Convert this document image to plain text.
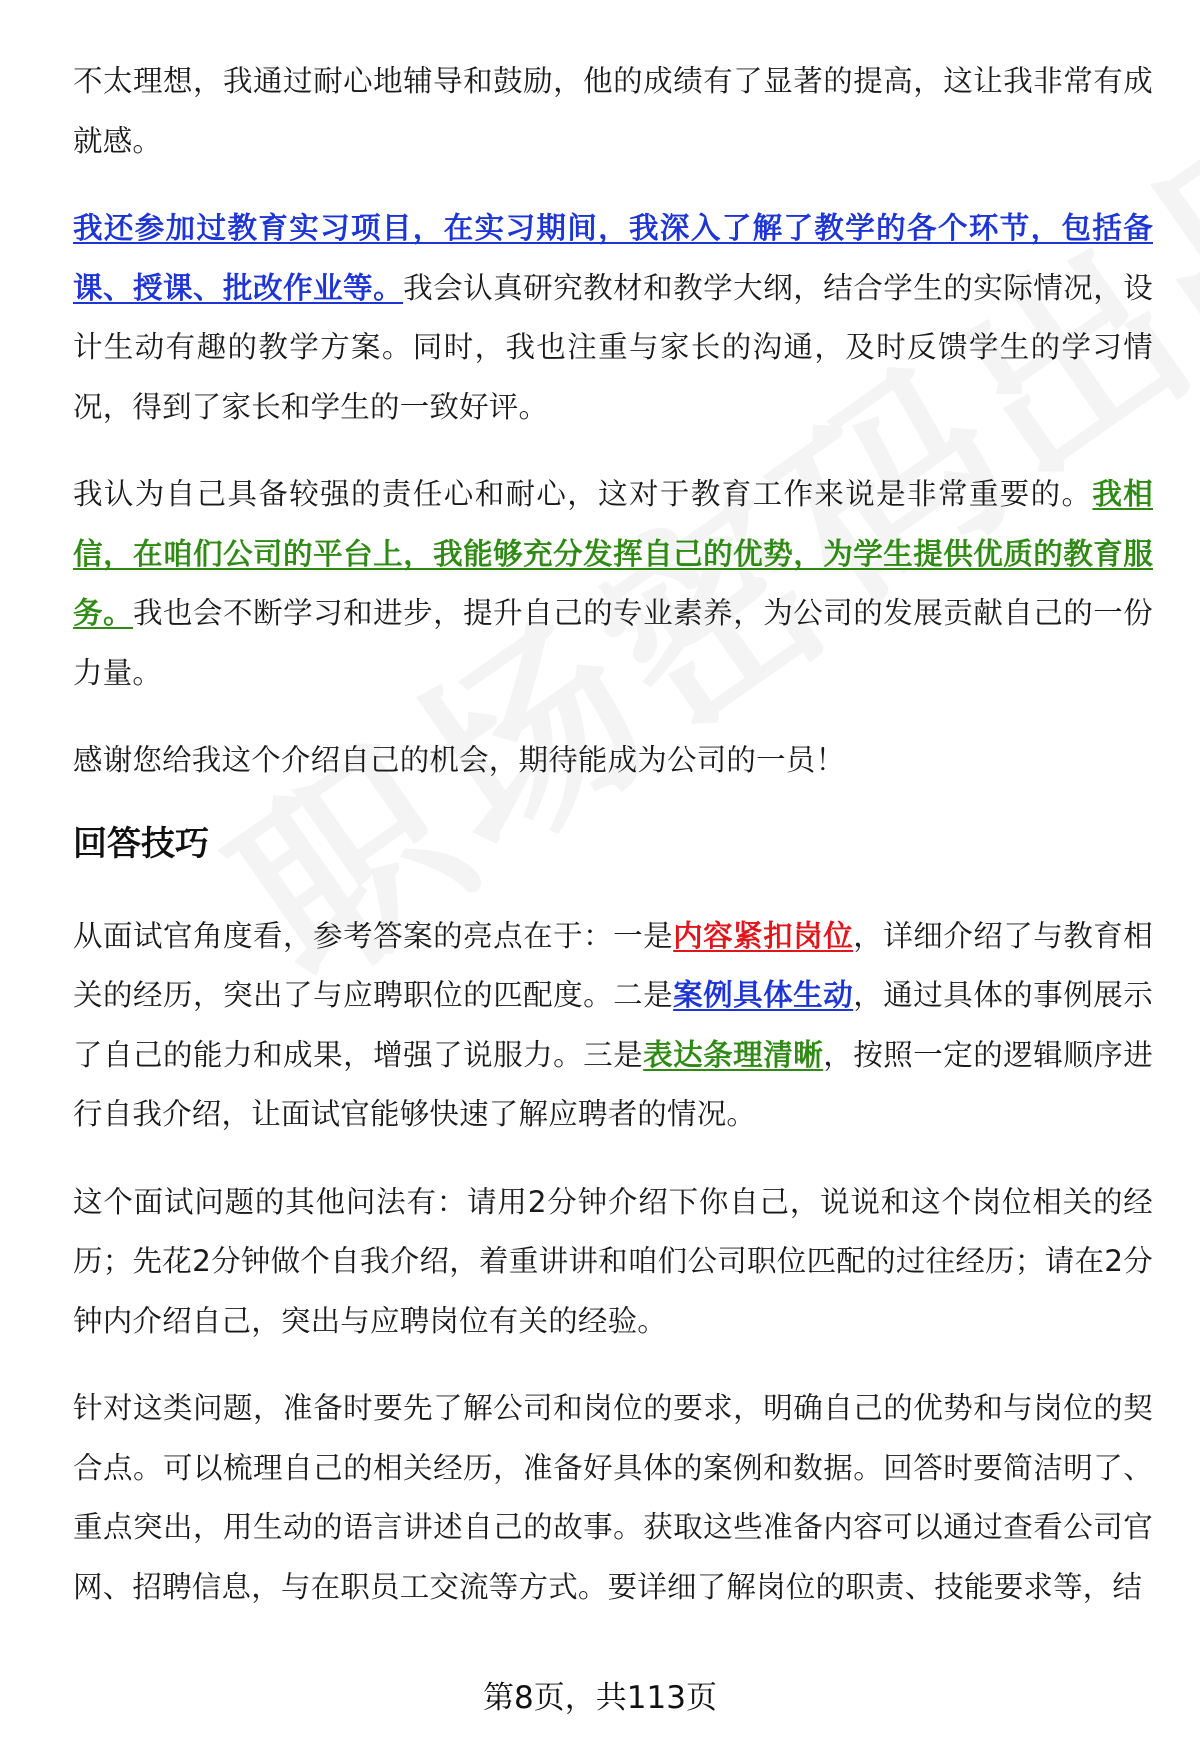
不太理想，我通过耐心地辅导和鼓励，他的成绩有了显著的提高，这让我非常有成就感。

我还参加过教育实习项目，在实习期间，我深入了解了教学的各个环节，包括备课、授课、批改作业等。我会认真研究教材和教学大纲，结合学生的实际情况，设计生动有趣的教学方案。同时，我也注重与家长的沟通，及时反馈学生的学习情况，得到了家长和学生的一致好评。

我认为自己具备较强的责任心和耐心，这对于教育工作来说是非常重要的。我相信，在咱们公司的平台上，我能够充分发挥自己的优势，为学生提供优质的教育服务。我也会不断学习和进步，提升自己的专业素养，为公司的发展贡献自己的一份力量。

感谢您给我这个介绍自己的机会，期待能成为公司的一员！

回答技巧

从面试官角度看，参考答案的亮点在于：一是内容紧扣岗位，详细介绍了与教育相关的经历，突出了与应聘职位的匹配度。二是案例具体生动，通过具体的事例展示了自己的能力和成果，增强了说服力。三是表达条理清晰，按照一定的逻辑顺序进行自我介绍，让面试官能够快速了解应聘者的情况。

这个面试问题的其他问法有：请用2分钟介绍下你自己，说说和这个岗位相关的经历；先花2分钟做个自我介绍，着重讲讲和咱们公司职位匹配的过往经历；请在2分钟内介绍自己，突出与应聘岗位有关的经验。

针对这类问题，准备时要先了解公司和岗位的要求，明确自己的优势和与岗位的契合点。可以梳理自己的相关经历，准备好具体的案例和数据。回答时要简洁明了、重点突出，用生动的语言讲述自己的故事。获取这些准备内容可以通过查看公司官网、招聘信息，与在职员工交流等方式。要详细了解岗位的职责、技能要求等，结

第8页，共113页
